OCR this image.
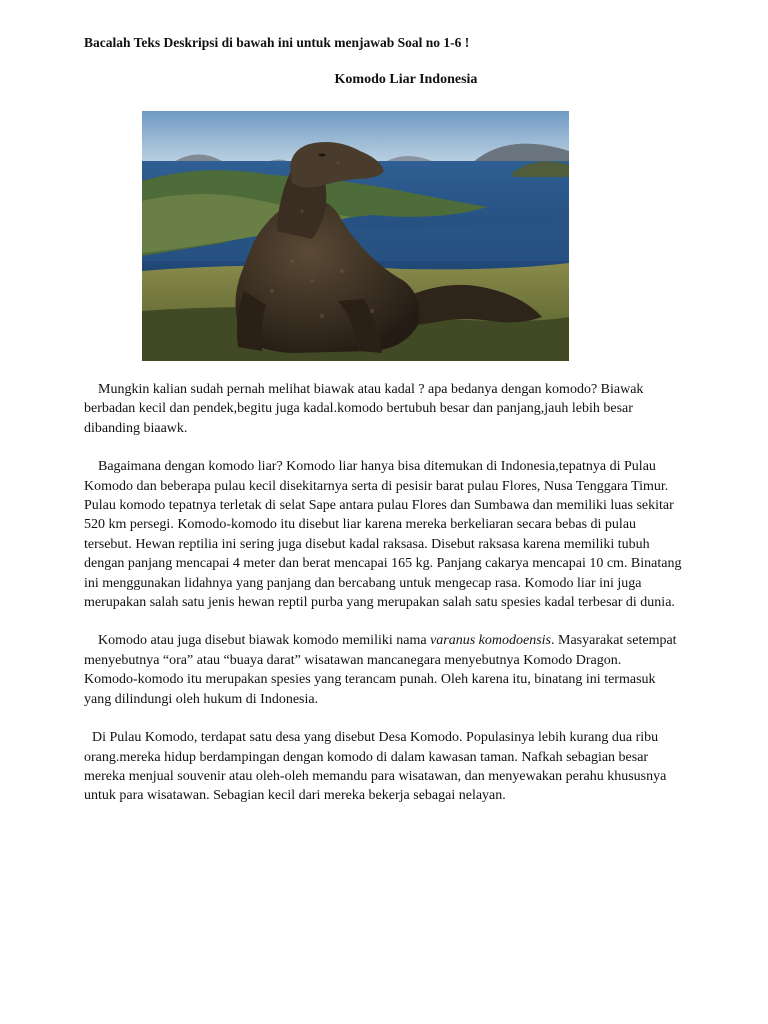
Bacalah Teks Deskripsi di bawah ini untuk menjawab Soal no 1-6 !
Komodo Liar Indonesia

Mungkin kalian sudah pernah melihat biawak atau kadal ? apa bedanya dengan komodo? Biawak
berbadan kecil dan pendek,begitu juga kadal.komodo bertubuh besar dan panjang,jauh lebih besar
dibanding biaawk.

Bagaimana dengan komodo liar? Komodo liar hanya bisa ditemukan di Indonesia,tepatnya di Pulau
Komodo dan beberapa pulau kecil disekitarnya serta di pesisir barat pulau Flores, Nusa Tenggara Timur.
Pulau komodo tepatnya terletak di selat Sape antara pulau Flores dan Sumbawa dan memiliki luas sekitar
520 km persegi. Komodo-komodo itu disebut liar karena mereka berkeliaran secara bebas di pulau
tersebut. Hewan reptilia ini sering juga disebut kadal raksasa. Disebut raksasa karena memiliki tubuh
dengan panjang mencapai 4 meter dan berat mencapai 165 kg. Panjang cakarya mencapai 10 cm. Binatang
ini menggunakan lidahnya yang panjang dan bercabang untuk mengecap rasa. Komodo liar ini juga
merupakan salah satu jenis hewan reptil purba yang merupakan salah satu spesies kadal terbesar di dunia.

Komodo atau juga disebut biawak komodo memiliki nama varanus komodoensis. Masyarakat setempat
menyebutnya “ora” atau “buaya darat” wisatawan mancanegara menyebutnya Komodo Dragon.
Komodo-komodo itu merupakan spesies yang terancam punah. Oleh karena itu, binatang ini termasuk
yang dilindungi oleh hukum di Indonesia.

Di Pulau Komodo, terdapat satu desa yang disebut Desa Komodo. Populasinya lebih kurang dua ribu
orang.mereka hidup berdampingan dengan komodo di dalam kawasan taman. Nafkah sebagian besar
mereka menjual souvenir atau oleh-oleh memandu para wisatawan, dan menyewakan perahu khususnya
untuk para wisatawan. Sebagian kecil dari mereka bekerja sebagai nelayan.
